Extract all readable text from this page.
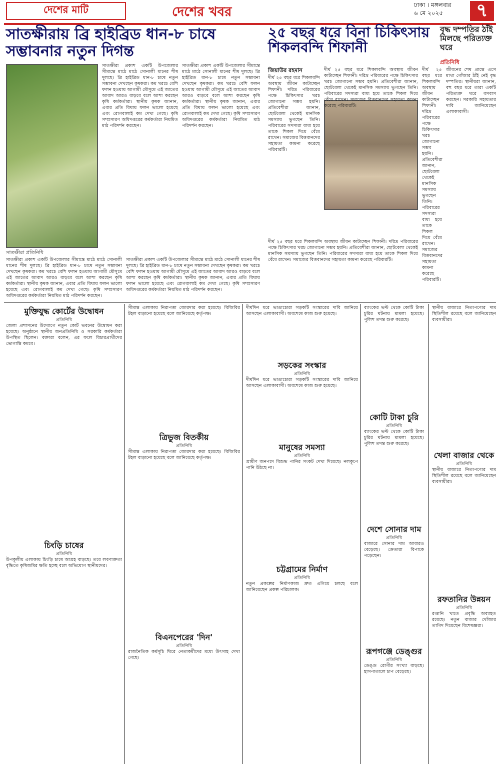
দেশের মাটি	দেশের খবর	ঢাকা । মঙ্গলবার
৬ মে ২০২৫	৭
সাতক্ষীরায় ব্রি হাইব্রিড ধান-৮ চাষে সম্ভাবনার নতুন দিগন্ত
২৫ বছর ধরে বিনা চিকিৎসায় শিকলবন্দি শিফানী
বৃদ্ধ দম্পতির ঠাঁই মিলছে পরিত্যক্ত ঘরে
প্রতিনিধি
সাতক্ষীরা প্রতিনিধি
সাতক্ষীরা প্রকাশ একটি উপজেলার সীমান্তে মাঠে মাঠে সোনালী ধানের শীষ দুলছে। ব্রি হাইব্রিড ধান-৮ চাষে নতুন সম্ভাবনা দেখছেন কৃষকরা। কম খরচে বেশি ফলন হওয়ায় আগামী মৌসুমে এই জাতের আবাদ আরও বাড়বে বলে আশা করছেন কৃষি কর্মকর্তারা। স্থানীয় কৃষক জানান, এবার প্রতি বিঘায় ফলন ভালো হয়েছে এবং রোগবালাই কম দেখা গেছে। কৃষি সম্প্রসারণ অধিদপ্তরের কর্মকর্তারা নিয়মিত মাঠ পরিদর্শন করছেন।
সাতক্ষীরা প্রকাশ একটি উপজেলার সীমান্তে মাঠে মাঠে সোনালী ধানের শীষ দুলছে। ব্রি হাইব্রিড ধান-৮ চাষে নতুন সম্ভাবনা দেখছেন কৃষকরা। কম খরচে বেশি ফলন হওয়ায় আগামী মৌসুমে এই জাতের আবাদ আরও বাড়বে বলে আশা করছেন কৃষি কর্মকর্তারা। স্থানীয় কৃষক জানান, এবার প্রতি বিঘায় ফলন ভালো হয়েছে এবং রোগবালাই কম দেখা গেছে। কৃষি সম্প্রসারণ অধিদপ্তরের কর্মকর্তারা নিয়মিত মাঠ পরিদর্শন করছেন।
সাতক্ষীরা প্রকাশ একটি উপজেলার সীমান্তে মাঠে মাঠে সোনালী ধানের শীষ দুলছে। ব্রি হাইব্রিড ধান-৮ চাষে নতুন সম্ভাবনা দেখছেন কৃষকরা। কম খরচে বেশি ফলন হওয়ায় আগামী মৌসুমে এই জাতের আবাদ আরও বাড়বে বলে আশা করছেন কৃষি কর্মকর্তারা। স্থানীয় কৃষক জানান, এবার প্রতি বিঘায় ফলন ভালো হয়েছে এবং রোগবালাই কম দেখা গেছে। কৃষি সম্প্রসারণ অধিদপ্তরের কর্মকর্তারা নিয়মিত মাঠ পরিদর্শন করছেন।
সাতক্ষীরা প্রকাশ একটি উপজেলার সীমান্তে মাঠে মাঠে সোনালী ধানের শীষ দুলছে। ব্রি হাইব্রিড ধান-৮ চাষে নতুন সম্ভাবনা দেখছেন কৃষকরা। কম খরচে বেশি ফলন হওয়ায় আগামী মৌসুমে এই জাতের আবাদ আরও বাড়বে বলে আশা করছেন কৃষি কর্মকর্তারা। স্থানীয় কৃষক জানান, এবার প্রতি বিঘায় ফলন ভালো হয়েছে এবং রোগবালাই কম দেখা গেছে। কৃষি সম্প্রসারণ অধিদপ্তরের কর্মকর্তারা নিয়মিত মাঠ পরিদর্শন করছেন।
জিয়াউর রহমান
দীর্ঘ ২৫ বছর ধরে শিকলবন্দি অবস্থায় জীবন কাটাচ্ছেন শিফানী। দরিদ্র পরিবারের পক্ষে চিকিৎসার খরচ জোগানো সম্ভব হয়নি। প্রতিবেশীরা জানান, ছোটবেলা থেকেই মানসিক সমস্যায় ভুগছেন তিনি। পরিবারের সদস্যরা বাধ্য হয়ে তাকে শিকল দিয়ে বেঁধে রাখেন। সমাজের বিত্তবানদের সহায়তা কামনা করেছে পরিবারটি।
দীর্ঘ ২৫ বছর ধরে শিকলবন্দি অবস্থায় জীবন কাটাচ্ছেন শিফানী। দরিদ্র পরিবারের পক্ষে চিকিৎসার খরচ জোগানো সম্ভব হয়নি। প্রতিবেশীরা জানান, ছোটবেলা থেকেই মানসিক সমস্যায় ভুগছেন তিনি। পরিবারের সদস্যরা বাধ্য হয়ে তাকে শিকল দিয়ে বেঁধে রাখেন। সমাজের বিত্তবানদের সহায়তা কামনা করেছে পরিবারটি।
দীর্ঘ ২৫ বছর ধরে শিকলবন্দি অবস্থায় জীবন কাটাচ্ছেন শিফানী। দরিদ্র পরিবারের পক্ষে চিকিৎসার খরচ জোগানো সম্ভব হয়নি। প্রতিবেশীরা জানান, ছোটবেলা থেকেই মানসিক সমস্যায় ভুগছেন তিনি। পরিবারের সদস্যরা বাধ্য হয়ে তাকে শিকল দিয়ে বেঁধে রাখেন। সমাজের বিত্তবানদের সহায়তা কামনা করেছে পরিবারটি।
দীর্ঘ ২৫ বছর ধরে শিকলবন্দি অবস্থায় জীবন কাটাচ্ছেন শিফানী। দরিদ্র পরিবারের পক্ষে চিকিৎসার খরচ জোগানো সম্ভব হয়নি। প্রতিবেশীরা জানান, ছোটবেলা থেকেই মানসিক সমস্যায় ভুগছেন তিনি। পরিবারের সদস্যরা বাধ্য হয়ে তাকে শিকল দিয়ে বেঁধে রাখেন। সমাজের বিত্তবানদের সহায়তা কামনা করেছে পরিবারটি।
জীবনের শেষ প্রান্তে এসে মাথা গোঁজার ঠাঁই নেই বৃদ্ধ দম্পতির। স্থানীয়রা জানান, বহু বছর ধরে তারা একটি পরিত্যক্ত ঘরে বসবাস করছেন। সরকারি সহায়তার দাবি জানিয়েছেন এলাকাবাসী।
মুক্তিযুদ্ধ কোর্টের উদ্বোধন
প্রতিনিধি
জেলা প্রশাসনের উদ্যোগে নতুন কোর্ট ভবনের উদ্বোধন করা হয়েছে। অনুষ্ঠানে স্থানীয় জনপ্রতিনিধি ও সরকারি কর্মকর্তারা উপস্থিত ছিলেন। বক্তারা বলেন, এর ফলে বিচারপ্রার্থীদের ভোগান্তি কমবে।
চিংড়ি চাষের
প্রতিনিধি
উপকূলীয় এলাকায় চিংড়ি চাষে আগ্রহ বাড়ছে। তবে লবণাক্ততা বৃদ্ধিতে কৃষিজমির ক্ষতি হচ্ছে বলে অভিযোগ স্থানীয়দের।
সীমান্ত এলাকায় নিরাপত্তা জোরদার করা হয়েছে। বিজিবির টহল বাড়ানো হয়েছে বলে জানিয়েছে কর্তৃপক্ষ।
ত্রিভুজ বিতর্কীয়
প্রতিনিধি
সীমান্ত এলাকায় নিরাপত্তা জোরদার করা হয়েছে। বিজিবির টহল বাড়ানো হয়েছে বলে জানিয়েছে কর্তৃপক্ষ।
বিএনপেরের 'দিন'
প্রতিনিধি
রাজনৈতিক কর্মসূচি ঘিরে নেতাকর্মীদের মধ্যে উৎসাহ দেখা গেছে।
দীর্ঘদিন ধরে ভাঙাচোরা সড়কটি সংস্কারের দাবি জানিয়ে আসছেন এলাকাবাসী। অবশেষে কাজ শুরু হয়েছে।
সড়কের সংস্কার
প্রতিনিধি
দীর্ঘদিন ধরে ভাঙাচোরা সড়কটি সংস্কারের দাবি জানিয়ে আসছেন এলাকাবাসী। অবশেষে কাজ শুরু হয়েছে।
মানুষের সমস্যা
প্রতিনিধি
গ্রামীণ জনপদে বিশুদ্ধ পানির সংকট দেখা দিয়েছে। নলকূপে পানি উঠছে না।
চট্টগ্রামের নির্মাণ
প্রতিনিধি
নতুন প্রকল্পের নির্মাণকাজ দ্রুত এগিয়ে চলছে বলে জানিয়েছেন প্রকল্প পরিচালক।
ব্যাংকের ভল্ট থেকে কোটি টাকা চুরির ঘটনায় মামলা হয়েছে। পুলিশ তদন্ত শুরু করেছে।
কোটি টাকা চুরি
প্রতিনিধি
ব্যাংকের ভল্ট থেকে কোটি টাকা চুরির ঘটনায় মামলা হয়েছে। পুলিশ তদন্ত শুরু করেছে।
দেশে সোনার দাম
প্রতিনিধি
বাজারে সোনার দাম আবারও বেড়েছে। ক্রেতারা বিপাকে পড়েছেন।
রূপগঞ্জে ডেঙ্গুর
প্রতিনিধি
ডেঙ্গু রোগীর সংখ্যা বাড়ছে। হাসপাতালে চাপ বেড়েছে।
স্থানীয় বাজারে নিত্যপণ্যের দাম স্থিতিশীল রয়েছে বলে জানিয়েছেন ব্যবসায়ীরা।
খেলা বাজার থেকে
প্রতিনিধি
স্থানীয় বাজারে নিত্যপণ্যের দাম স্থিতিশীল রয়েছে বলে জানিয়েছেন ব্যবসায়ীরা।
রফতানির উন্নয়ন
প্রতিনিধি
রপ্তানি খাতে প্রবৃদ্ধি অব্যাহত রয়েছে। নতুন বাজার খোঁজার তাগিদ দিয়েছেন বিশেষজ্ঞরা।
